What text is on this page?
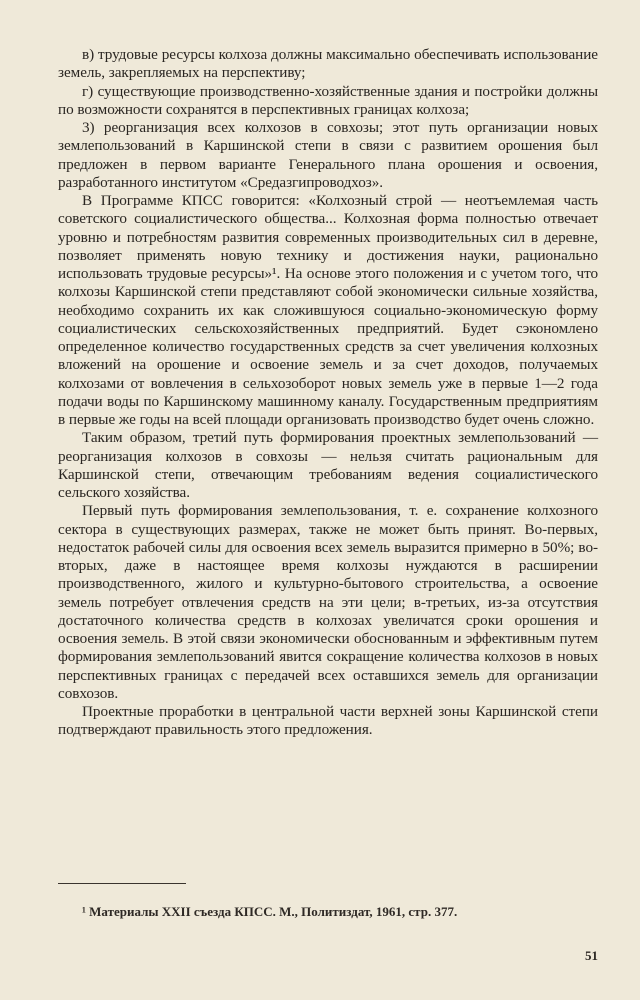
в) трудовые ресурсы колхоза должны максимально обеспечивать использование земель, закрепляемых на перспективу;

г) существующие производственно-хозяйственные здания и постройки должны по возможности сохранятся в перспективных границах колхоза;

3) реорганизация всех колхозов в совхозы; этот путь организации новых землепользований в Каршинской степи в связи с развитием орошения был предложен в первом варианте Генерального плана орошения и освоения, разработанного институтом «Средазгипроводхоз».

В Программе КПСС говорится: «Колхозный строй — неотъемлемая часть советского социалистического общества... Колхозная форма полностью отвечает уровню и потребностям развития современных производительных сил в деревне, позволяет применять новую технику и достижения науки, рационально использовать трудовые ресурсы»¹. На основе этого положения и с учетом того, что колхозы Каршинской степи представляют собой экономически сильные хозяйства, необходимо сохранить их как сложившуюся социально-экономическую форму социалистических сельскохозяйственных предприятий. Будет сэкономлено определенное количество государственных средств за счет увеличения колхозных вложений на орошение и освоение земель и за счет доходов, получаемых колхозами от вовлечения в сельхозоборот новых земель уже в первые 1—2 года подачи воды по Каршинскому машинному каналу. Государственным предприятиям в первые же годы на всей площади организовать производство будет очень сложно.

Таким образом, третий путь формирования проектных землепользований — реорганизация колхозов в совхозы — нельзя считать рациональным для Каршинской степи, отвечающим требованиям ведения социалистического сельского хозяйства.

Первый путь формирования землепользования, т. е. сохранение колхозного сектора в существующих размерах, также не может быть принят. Во-первых, недостаток рабочей силы для освоения всех земель выразится примерно в 50%; во-вторых, даже в настоящее время колхозы нуждаются в расширении производственного, жилого и культурно-бытового строительства, а освоение земель потребует отвлечения средств на эти цели; в-третьих, из-за отсутствия достаточного количества средств в колхозах увеличатся сроки орошения и освоения земель. В этой связи экономически обоснованным и эффективным путем формирования землепользований явится сокращение количества колхозов в новых перспективных границах с передачей всех оставшихся земель для организации совхозов.

Проектные проработки в центральной части верхней зоны Каршинской степи подтверждают правильность этого предложения.

¹ Материалы XXII съезда КПСС. М., Политиздат, 1961, стр. 377.
51
